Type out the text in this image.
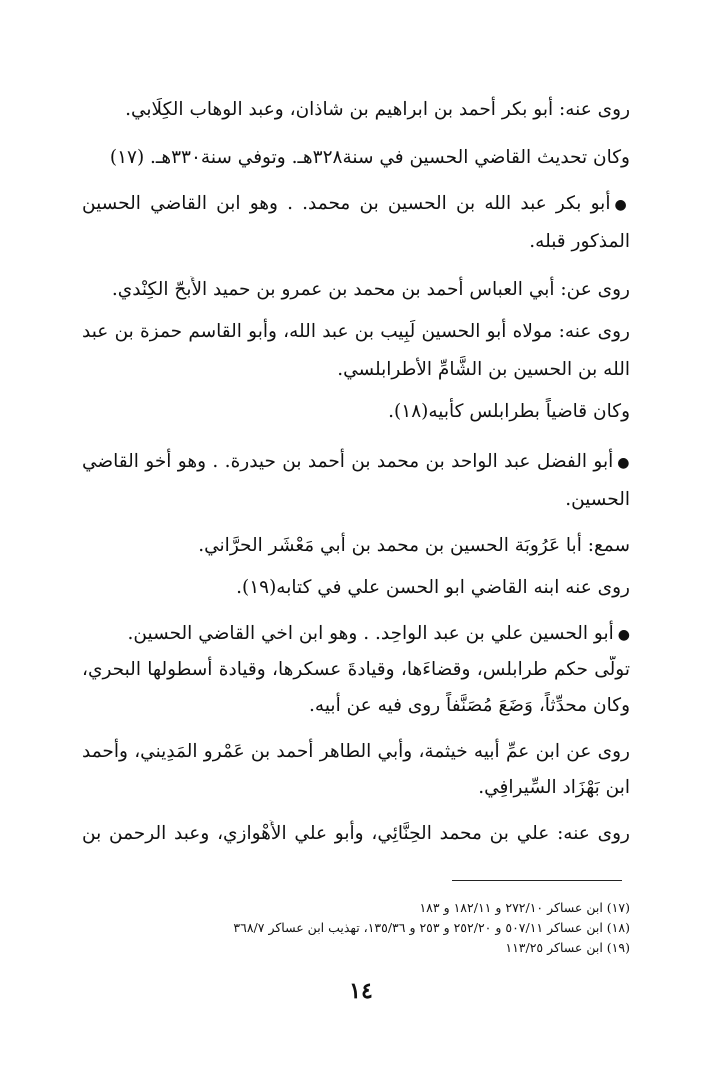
روى عنه: أبو بكر أحمد بن ابراهيم بن شاذان، وعبد الوهاب الكِلَابي.
وكان تحديث القاضي الحسين في سنة٣٢٨هـ. وتوفي سنة٣٣٠هـ. (١٧)
●أبو بكر عبد الله بن الحسين بن محمد. . وهو ابن القاضي الحسين
المذكور قبله.
روى عن: أبي العباس أحمد بن محمد بن عمرو بن حميد الأَبحّ الكِنْدي.
روى عنه: مولاه أبو الحسين لَبِيب بن عبد الله، وأبو القاسم حمزة بن عبد
الله بن الحسين بن الشَّامِّ الأطرابلسي.
وكان قاضياً بطرابلس كأبيه(١٨).
●أبو الفضل عبد الواحد بن محمد بن أحمد بن حيدرة. . وهو أخو القاضي
الحسين.
سمع: أبا عَرُوبَة الحسين بن محمد بن أبي مَعْشَر الحرَّاني.
روى عنه ابنه القاضي ابو الحسن علي في كتابه(١٩).
●أبو الحسين علي بن عبد الواحِد. . وهو ابن اخي القاضي الحسين.
تولَّى حكم طرابلس، وقضاءَها، وقيادةَ عسكرها، وقيادة أسطولها البحري،
وكان محدِّثاً، وَضَعَ مُصَنَّفاً روى فيه عن أبيه.
روى عن ابن عمِّ أبيه خيثمة، وأبي الطاهر أحمد بن عَمْرو المَدِيني، وأحمد
ابن بَهْزَاد السِّيرافِي.
روى عنه: علي بن محمد الحِنَّائِي، وأبو علي الأَهْوازي، وعبد الرحمن بن
(١٧) ابن عساكر ٢٧٢/١٠ و ١٨٢/١١ و ١٨٣
(١٨) ابن عساكر ٥٠٧/١١ و ٢٥٢/٢٠ و ٢٥٣ و ١٣٥/٣٦، تهذيب ابن عساكر ٣٦٨/٧
(١٩) ابن عساكر ١١٣/٢٥
١٤
